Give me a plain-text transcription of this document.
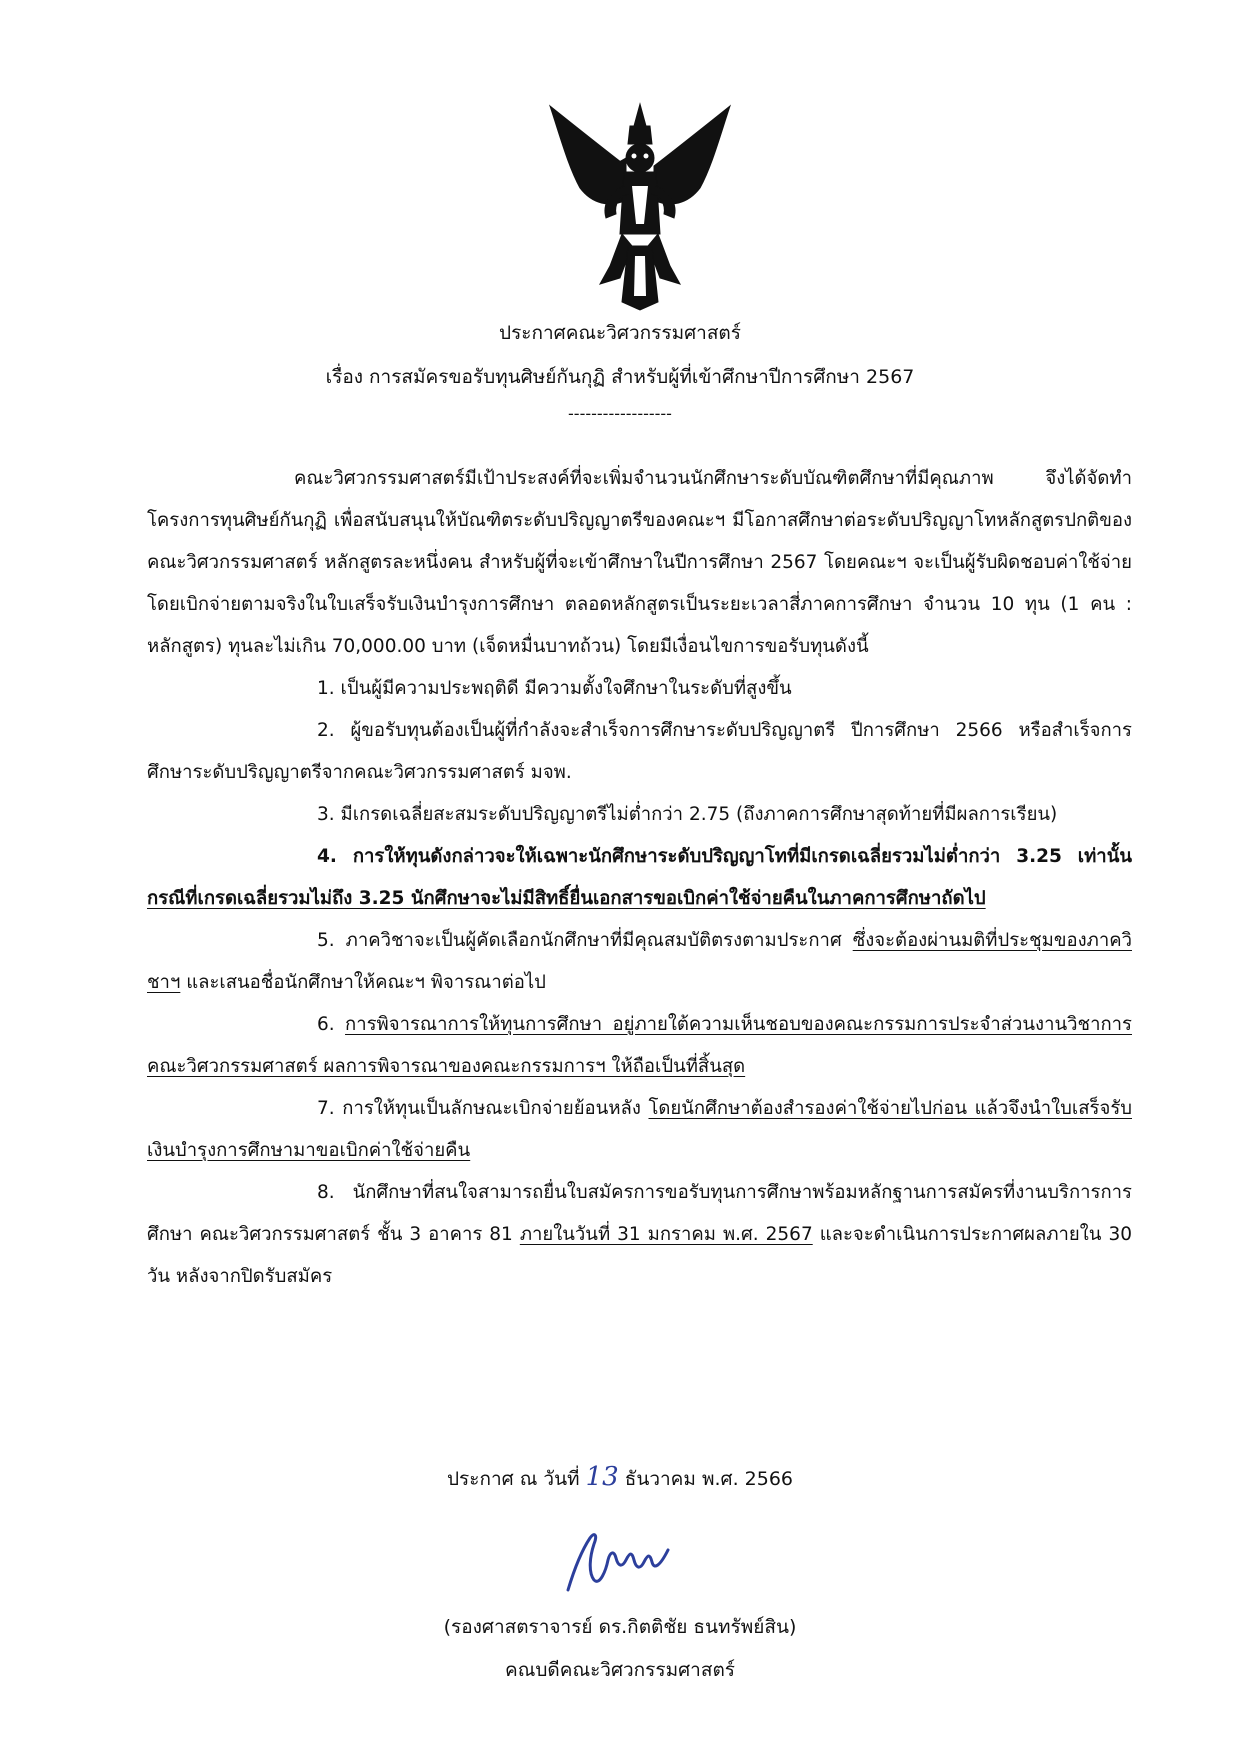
ประกาศคณะวิศวกรรมศาสตร์
เรื่อง การสมัครขอรับทุนศิษย์กันกุฏิ สำหรับผู้ที่เข้าศึกษาปีการศึกษา 2567
------------------

คณะวิศวกรรมศาสตร์มีเป้าประสงค์ที่จะเพิ่มจำนวนนักศึกษาระดับบัณฑิตศึกษาที่มีคุณภาพ จึงได้จัดทำโครงการทุนศิษย์กันกุฏิ เพื่อสนับสนุนให้บัณฑิตระดับปริญญาตรีของคณะฯ มีโอกาสศึกษาต่อระดับปริญญาโทหลักสูตรปกติของคณะวิศวกรรมศาสตร์ หลักสูตรละหนึ่งคน สำหรับผู้ที่จะเข้าศึกษาในปีการศึกษา 2567 โดยคณะฯ จะเป็นผู้รับผิดชอบค่าใช้จ่ายโดยเบิกจ่ายตามจริงในใบเสร็จรับเงินบำรุงการศึกษา ตลอดหลักสูตรเป็นระยะเวลาสี่ภาคการศึกษา จำนวน 10 ทุน (1 คน : หลักสูตร) ทุนละไม่เกิน 70,000.00 บาท (เจ็ดหมื่นบาทถ้วน) โดยมีเงื่อนไขการขอรับทุนดังนี้

1. เป็นผู้มีความประพฤติดี มีความตั้งใจศึกษาในระดับที่สูงขึ้น

2. ผู้ขอรับทุนต้องเป็นผู้ที่กำลังจะสำเร็จการศึกษาระดับปริญญาตรี ปีการศึกษา 2566 หรือสำเร็จการศึกษาระดับปริญญาตรีจากคณะวิศวกรรมศาสตร์ มจพ.

3. มีเกรดเฉลี่ยสะสมระดับปริญญาตรีไม่ต่ำกว่า 2.75 (ถึงภาคการศึกษาสุดท้ายที่มีผลการเรียน)

4. การให้ทุนดังกล่าวจะให้เฉพาะนักศึกษาระดับปริญญาโทที่มีเกรดเฉลี่ยรวมไม่ต่ำกว่า 3.25 เท่านั้น กรณีที่เกรดเฉลี่ยรวมไม่ถึง 3.25 นักศึกษาจะไม่มีสิทธิ์ยื่นเอกสารขอเบิกค่าใช้จ่ายคืนในภาคการศึกษาถัดไป

5. ภาควิชาจะเป็นผู้คัดเลือกนักศึกษาที่มีคุณสมบัติตรงตามประกาศ ซึ่งจะต้องผ่านมติที่ประชุมของภาควิชาฯ และเสนอชื่อนักศึกษาให้คณะฯ พิจารณาต่อไป

6. การพิจารณาการให้ทุนการศึกษา อยู่ภายใต้ความเห็นชอบของคณะกรรมการประจำส่วนงานวิชาการ คณะวิศวกรรมศาสตร์ ผลการพิจารณาของคณะกรรมการฯ ให้ถือเป็นที่สิ้นสุด

7. การให้ทุนเป็นลักษณะเบิกจ่ายย้อนหลัง โดยนักศึกษาต้องสำรองค่าใช้จ่ายไปก่อน แล้วจึงนำใบเสร็จรับเงินบำรุงการศึกษามาขอเบิกค่าใช้จ่ายคืน

8. นักศึกษาที่สนใจสามารถยื่นใบสมัครการขอรับทุนการศึกษาพร้อมหลักฐานการสมัครที่งานบริการการศึกษา คณะวิศวกรรมศาสตร์ ชั้น 3 อาคาร 81 ภายในวันที่ 31 มกราคม พ.ศ. 2567 และจะดำเนินการประกาศผลภายใน 30 วัน หลังจากปิดรับสมัคร

ประกาศ ณ วันที่ 13 ธันวาคม พ.ศ. 2566
(รองศาสตราจารย์ ดร.กิตติชัย ธนทรัพย์สิน)
คณบดีคณะวิศวกรรมศาสตร์
